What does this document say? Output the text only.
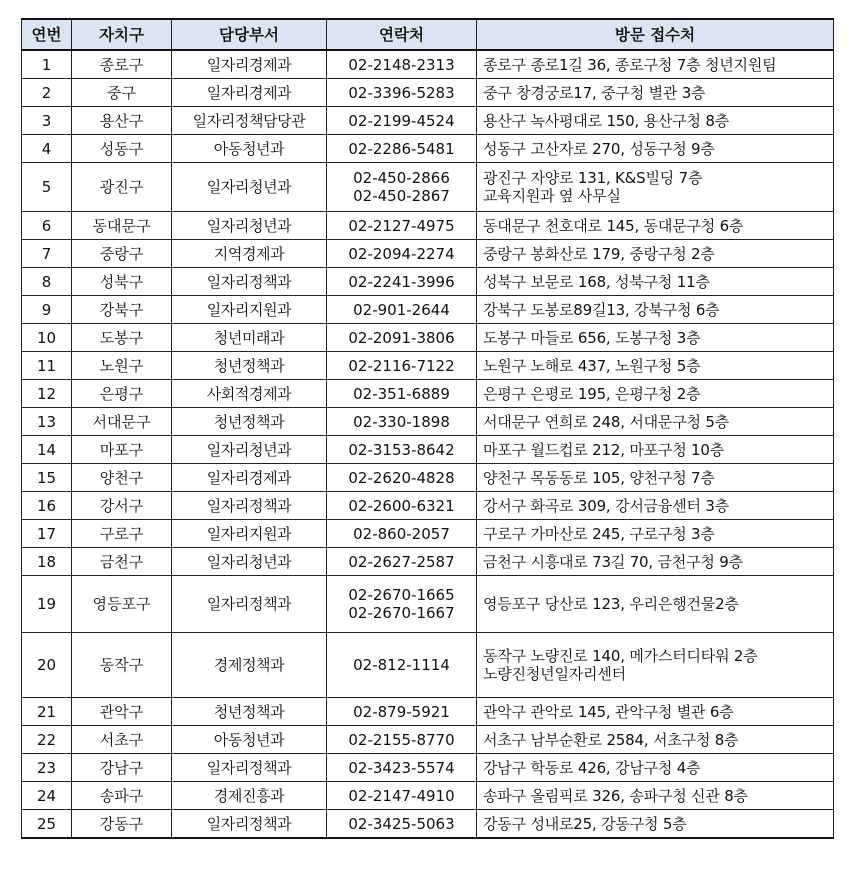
연번	자치구	담당부서	연락처	방문 접수처
1	종로구	일자리경제과	02-2148-2313	종로구 종로1길 36, 종로구청 7층 청년지원팀

2	중구	일자리경제과	02-3396-5283	중구 창경궁로17, 중구청 별관 3층

3	용산구	일자리정책담당관	02-2199-4524	용산구 녹사평대로 150, 용산구청 8층

4	성동구	아동청년과	02-2286-5481	성동구 고산자로 270, 성동구청 9층

5	광진구	일자리청년과	02-450-2866
02-450-2867	광진구 자양로 131, K&S빌딩 7층
교육지원과 옆 사무실

6	동대문구	일자리청년과	02-2127-4975	동대문구 천호대로 145, 동대문구청 6층

7	중랑구	지역경제과	02-2094-2274	중랑구 봉화산로 179, 중랑구청 2층

8	성북구	일자리정책과	02-2241-3996	성북구 보문로 168, 성북구청 11층

9	강북구	일자리지원과	02-901-2644	강북구 도봉로89길13, 강북구청 6층

10	도봉구	청년미래과	02-2091-3806	도봉구 마들로 656, 도봉구청 3층

11	노원구	청년정책과	02-2116-7122	노원구 노해로 437, 노원구청 5층

12	은평구	사회적경제과	02-351-6889	은평구 은평로 195, 은평구청 2층

13	서대문구	청년정책과	02-330-1898	서대문구 연희로 248, 서대문구청 5층

14	마포구	일자리청년과	02-3153-8642	마포구 월드컵로 212, 마포구청 10층

15	양천구	일자리경제과	02-2620-4828	양천구 목동동로 105, 양천구청 7층

16	강서구	일자리정책과	02-2600-6321	강서구 화곡로 309, 강서금융센터 3층

17	구로구	일자리지원과	02-860-2057	구로구 가마산로 245, 구로구청 3층

18	금천구	일자리청년과	02-2627-2587	금천구 시흥대로 73길 70, 금천구청 9층

19	영등포구	일자리정책과	02-2670-1665
02-2670-1667	영등포구 당산로 123, 우리은행건물2층

20	동작구	경제정책과	02-812-1114	동작구 노량진로 140, 메가스터디타워 2층
노량진청년일자리센터

21	관악구	청년정책과	02-879-5921	관악구 관악로 145, 관악구청 별관 6층

22	서초구	아동청년과	02-2155-8770	서초구 남부순환로 2584, 서초구청 8층

23	강남구	일자리정책과	02-3423-5574	강남구 학동로 426, 강남구청 4층

24	송파구	경제진흥과	02-2147-4910	송파구 올림픽로 326, 송파구청 신관 8층

25	강동구	일자리정책과	02-3425-5063	강동구 성내로25, 강동구청 5층
